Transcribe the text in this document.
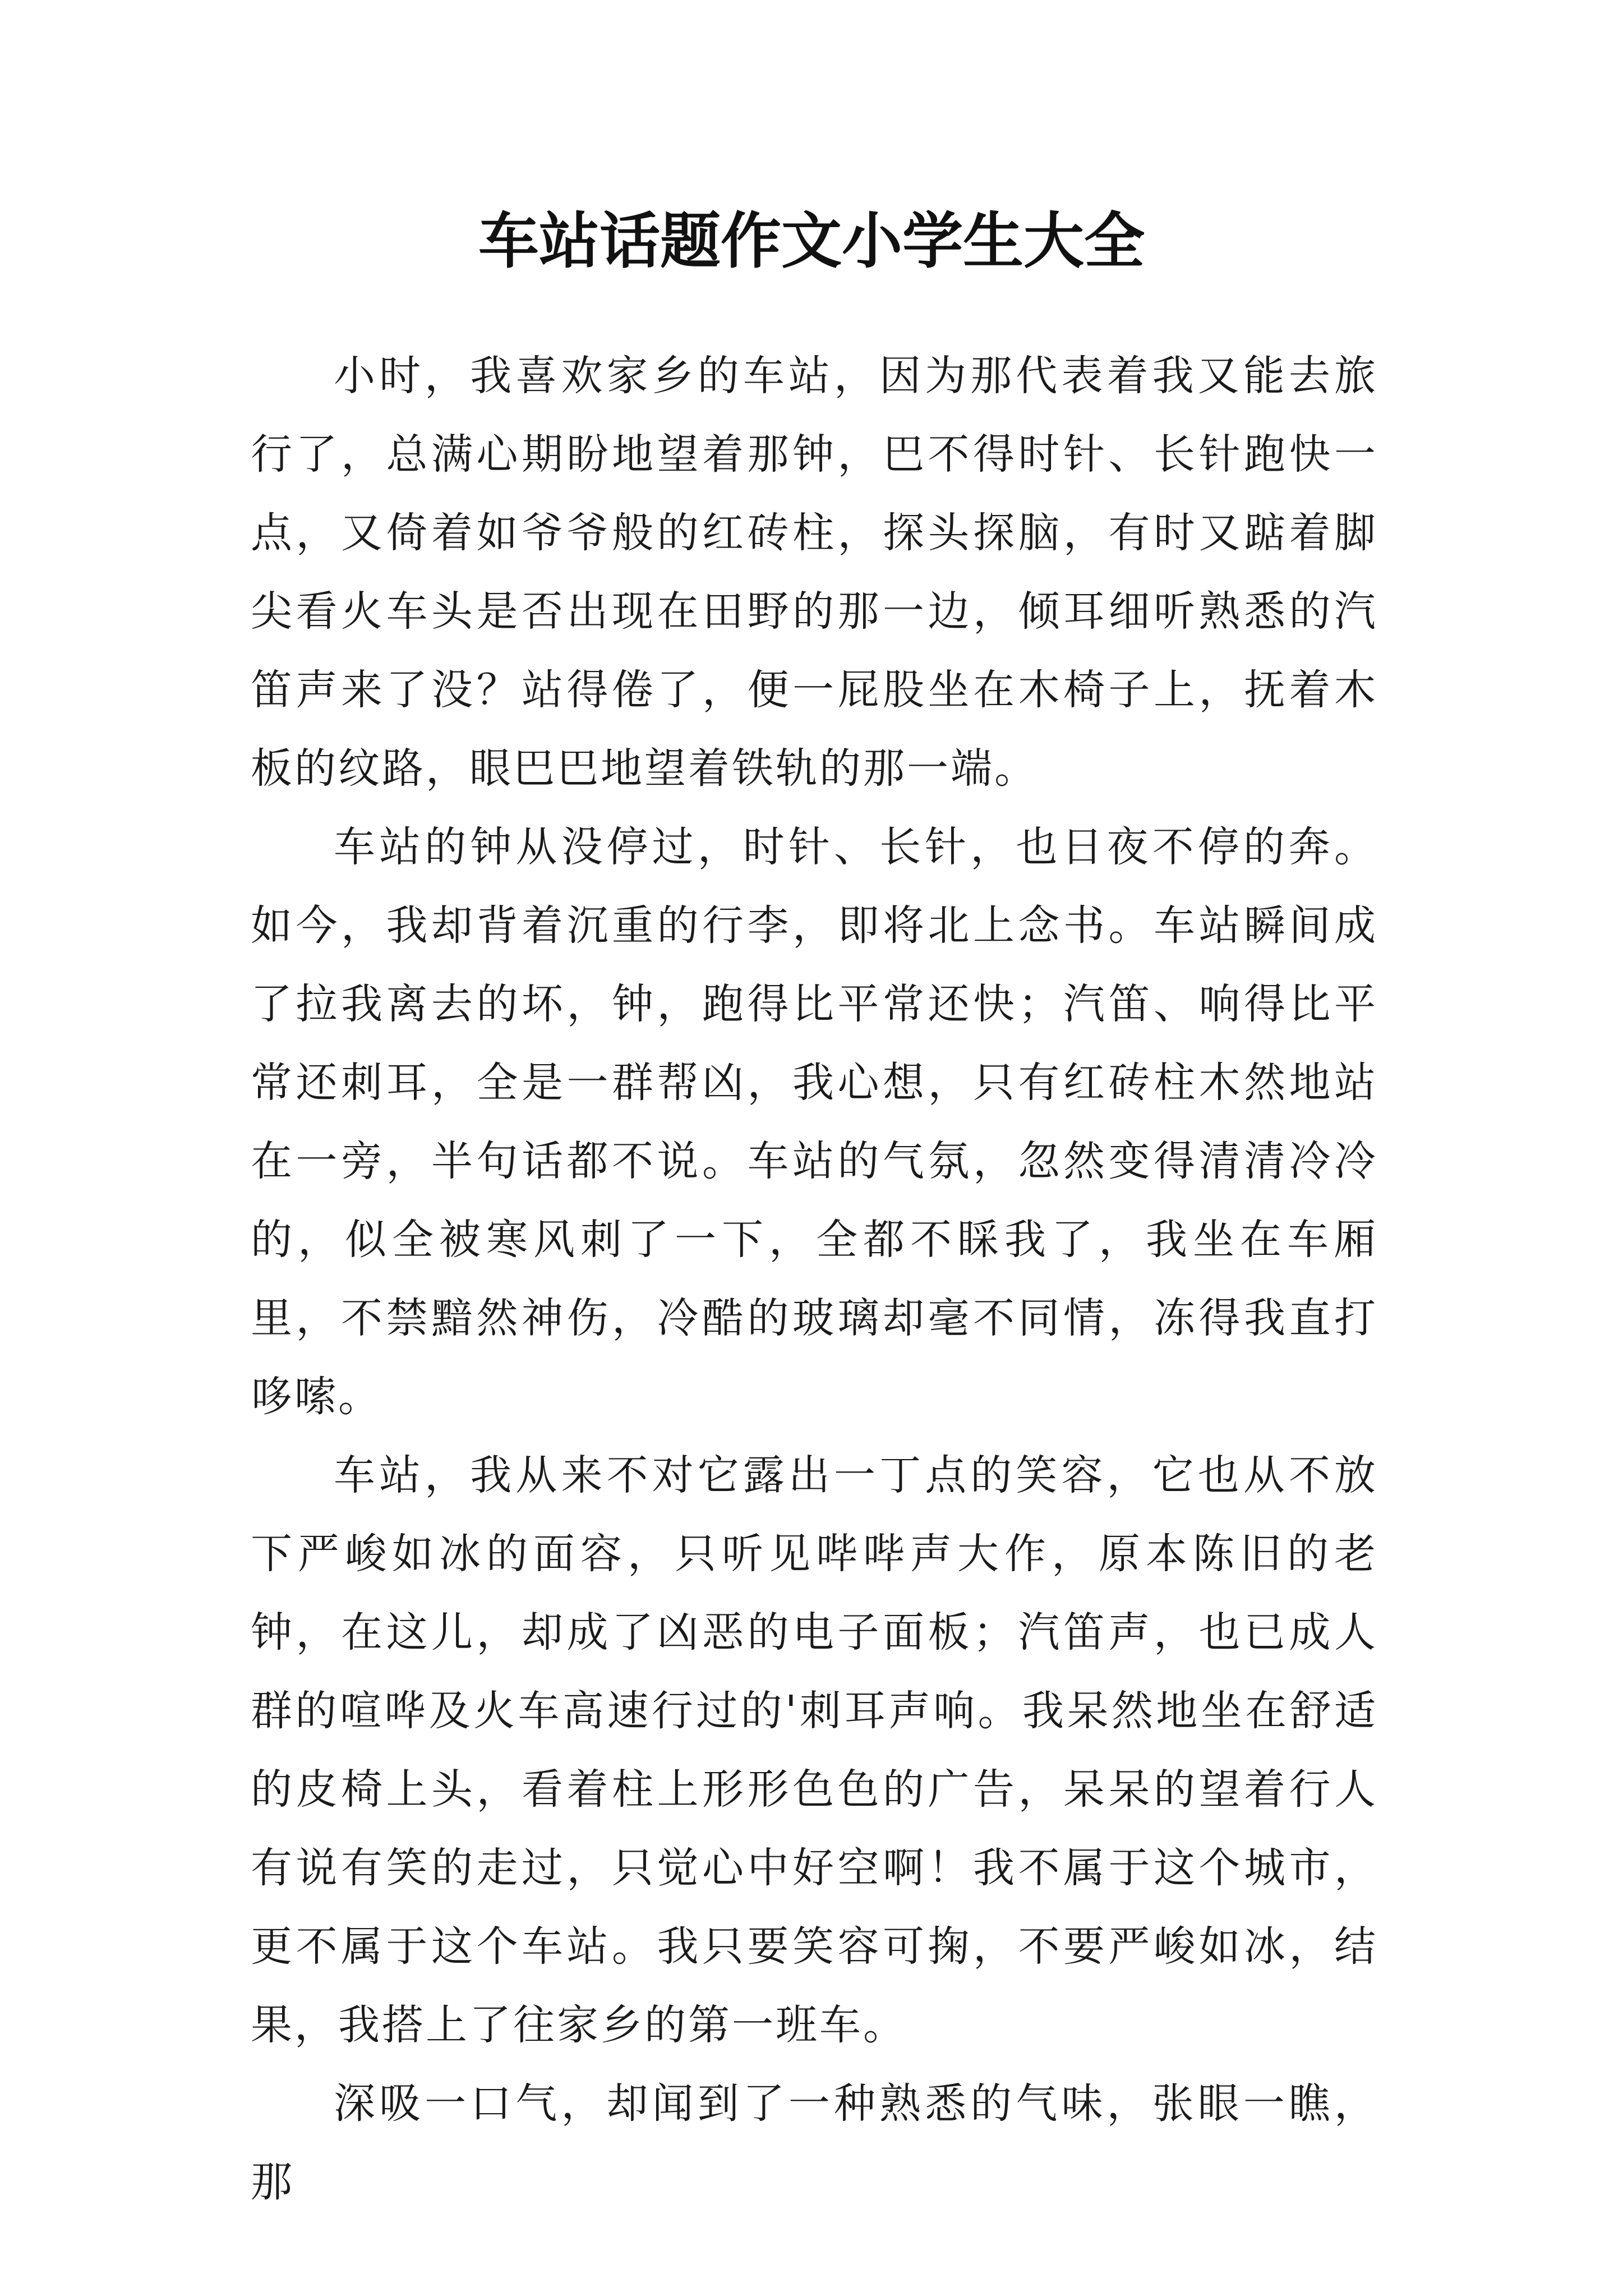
车站话题作文小学生大全

小时，我喜欢家乡的车站，因为那代表着我又能去旅行了，总满心期盼地望着那钟，巴不得时针、长针跑快一点，又倚着如爷爷般的红砖柱，探头探脑，有时又踮着脚尖看火车头是否出现在田野的那一边，倾耳细听熟悉的汽笛声来了没？站得倦了，便一屁股坐在木椅子上，抚着木板的纹路，眼巴巴地望着铁轨的那一端。

车站的钟从没停过，时针、长针，也日夜不停的奔。如今，我却背着沉重的行李，即将北上念书。车站瞬间成了拉我离去的坏，钟，跑得比平常还快；汽笛、响得比平常还刺耳，全是一群帮凶，我心想，只有红砖柱木然地站在一旁，半句话都不说。车站的气氛，忽然变得清清冷冷的，似全被寒风刺了一下，全都不睬我了，我坐在车厢里，不禁黯然神伤，冷酷的玻璃却毫不同情，冻得我直打哆嗦。

车站，我从来不对它露出一丁点的笑容，它也从不放下严峻如冰的面容，只听见哔哔声大作，原本陈旧的老钟，在这儿，却成了凶恶的电子面板；汽笛声，也已成人群的喧哗及火车高速行过的'刺耳声响。我呆然地坐在舒适的皮椅上头，看着柱上形形色色的广告，呆呆的望着行人有说有笑的走过，只觉心中好空啊！我不属于这个城市，更不属于这个车站。我只要笑容可掬，不要严峻如冰，结果，我搭上了往家乡的第一班车。

深吸一口气，却闻到了一种熟悉的气味，张眼一瞧，那
